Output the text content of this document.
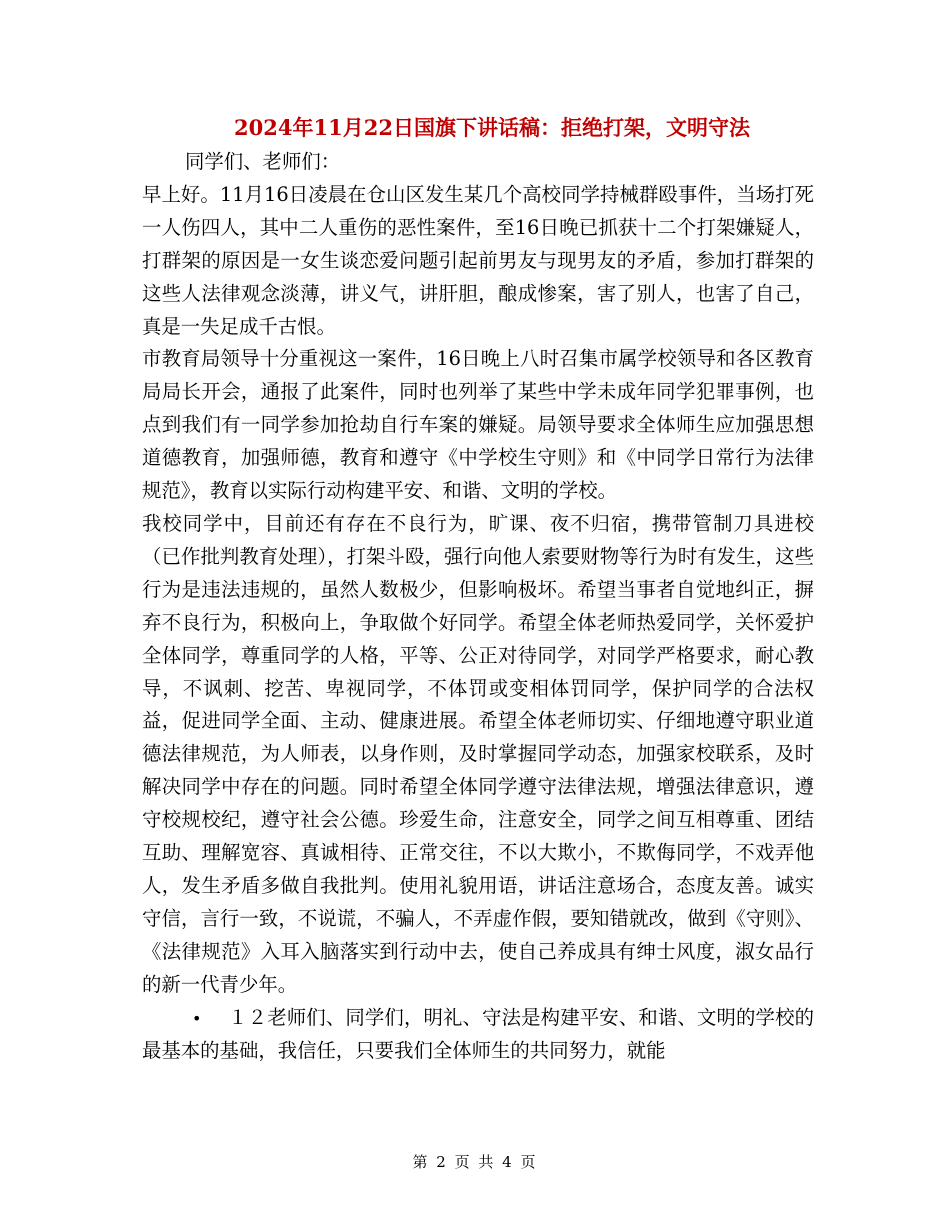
2024年11月22日国旗下讲话稿：拒绝打架，文明守法

同学们、老师们：

早上好。11月16日凌晨在仓山区发生某几个高校同学持械群殴事件，当场打死一人伤四人，其中二人重伤的恶性案件，至16日晚已抓获十二个打架嫌疑人，打群架的原因是一女生谈恋爱问题引起前男友与现男友的矛盾，参加打群架的这些人法律观念淡薄，讲义气，讲肝胆，酿成惨案，害了别人，也害了自己，真是一失足成千古恨。

市教育局领导十分重视这一案件，16日晚上八时召集市属学校领导和各区教育局局长开会，通报了此案件，同时也列举了某些中学未成年同学犯罪事例，也点到我们有一同学参加抢劫自行车案的嫌疑。局领导要求全体师生应加强思想道德教育，加强师德，教育和遵守《中学校生守则》和《中同学日常行为法律规范》，教育以实际行动构建平安、和谐、文明的学校。

我校同学中，目前还有存在不良行为，旷课、夜不归宿，携带管制刀具进校（已作批判教育处理），打架斗殴，强行向他人索要财物等行为时有发生，这些行为是违法违规的，虽然人数极少，但影响极坏。希望当事者自觉地纠正，摒弃不良行为，积极向上，争取做个好同学。希望全体老师热爱同学，关怀爱护全体同学，尊重同学的人格，平等、公正对待同学，对同学严格要求，耐心教导，不讽刺、挖苦、卑视同学，不体罚或变相体罚同学，保护同学的合法权益，促进同学全面、主动、健康进展。希望全体老师切实、仔细地遵守职业道德法律规范，为人师表，以身作则，及时掌握同学动态，加强家校联系，及时解决同学中存在的问题。同时希望全体同学遵守法律法规，增强法律意识，遵守校规校纪，遵守社会公德。珍爱生命，注意安全，同学之间互相尊重、团结互助、理解宽容、真诚相待、正常交往，不以大欺小，不欺侮同学，不戏弄他人，发生矛盾多做自我批判。使用礼貌用语，讲话注意场合，态度友善。诚实守信，言行一致，不说谎，不骗人，不弄虚作假，要知错就改，做到《守则》、《法律规范》入耳入脑落实到行动中去，使自己养成具有绅士风度，淑女品行的新一代青少年。

• １２老师们、同学们，明礼、守法是构建平安、和谐、文明的学校的最基本的基础，我信任，只要我们全体师生的共同努力，就能

第 2 页 共 4 页
